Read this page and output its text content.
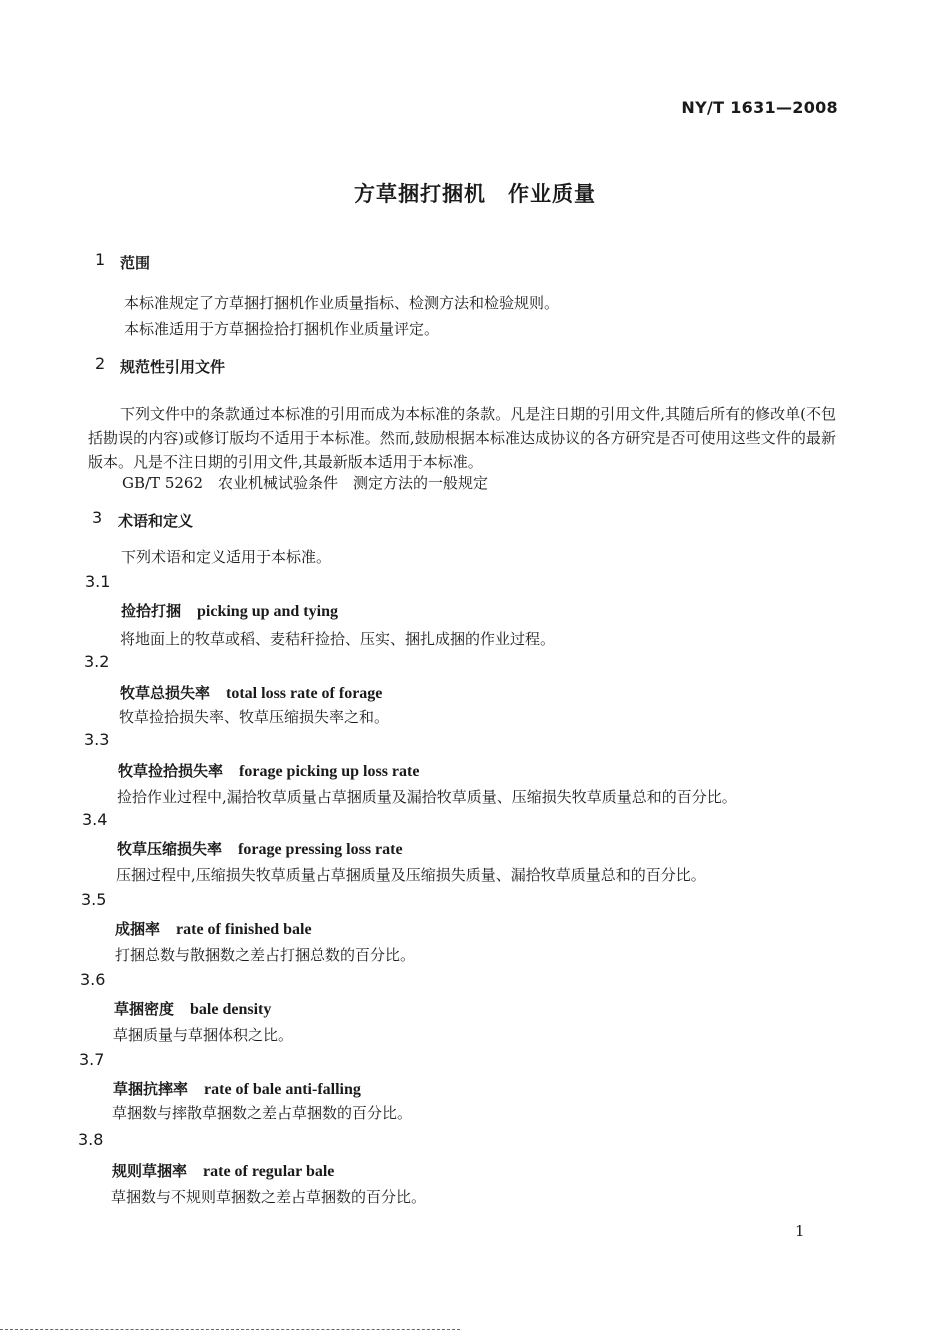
NY/T 1631—2008
方草捆打捆机　作业质量
1 范围
本标准规定了方草捆打捆机作业质量指标、检测方法和检验规则。
本标准适用于方草捆捡拾打捆机作业质量评定。
2 规范性引用文件

下列文件中的条款通过本标准的引用而成为本标准的条款。凡是注日期的引用文件,其随后所有的修改单(不包括勘误的内容)或修订版均不适用于本标准。然而,鼓励根据本标准达成协议的各方研究是否可使用这些文件的最新版本。凡是不注日期的引用文件,其最新版本适用于本标准。

GB/T 5262　农业机械试验条件　测定方法的一般规定
3 术语和定义
下列术语和定义适用于本标准。
3.1
捡拾打捆 picking up and tying
将地面上的牧草或稻、麦秸秆捡拾、压实、捆扎成捆的作业过程。
3.2
牧草总损失率 total loss rate of forage
牧草捡拾损失率、牧草压缩损失率之和。
3.3
牧草捡拾损失率 forage picking up loss rate
捡拾作业过程中,漏拾牧草质量占草捆质量及漏拾牧草质量、压缩损失牧草质量总和的百分比。
3.4
牧草压缩损失率 forage pressing loss rate
压捆过程中,压缩损失牧草质量占草捆质量及压缩损失质量、漏拾牧草质量总和的百分比。
3.5
成捆率 rate of finished bale
打捆总数与散捆数之差占打捆总数的百分比。
3.6
草捆密度 bale density
草捆质量与草捆体积之比。
3.7
草捆抗摔率 rate of bale anti-falling
草捆数与摔散草捆数之差占草捆数的百分比。
3.8
规则草捆率 rate of regular bale
草捆数与不规则草捆数之差占草捆数的百分比。
1
